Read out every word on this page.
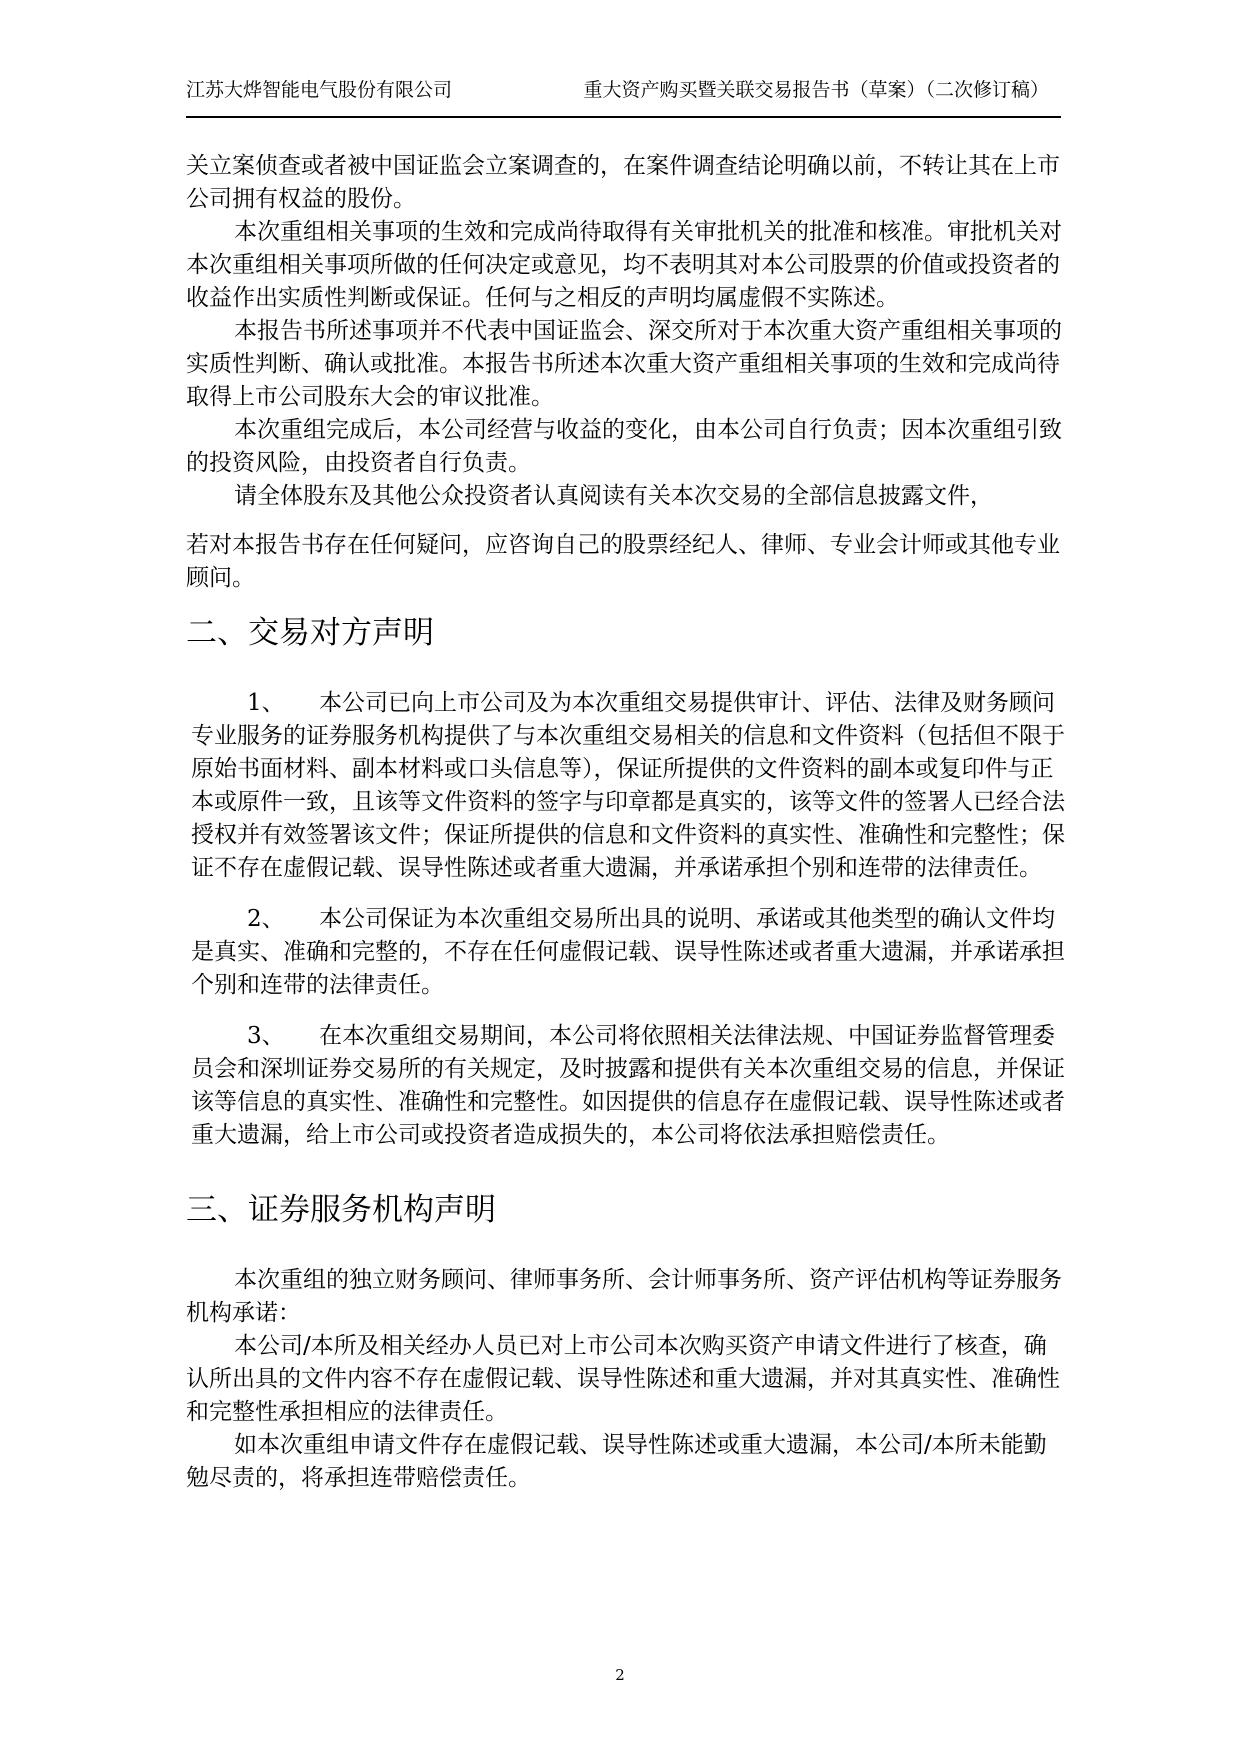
江苏大烨智能电气股份有限公司	重大资产购买暨关联交易报告书（草案）（二次修订稿）

关立案侦查或者被中国证监会立案调查的，在案件调查结论明确以前，不转让其在上市公司拥有权益的股份。

本次重组相关事项的生效和完成尚待取得有关审批机关的批准和核准。审批机关对本次重组相关事项所做的任何决定或意见，均不表明其对本公司股票的价值或投资者的收益作出实质性判断或保证。任何与之相反的声明均属虚假不实陈述。

本报告书所述事项并不代表中国证监会、深交所对于本次重大资产重组相关事项的实质性判断、确认或批准。本报告书所述本次重大资产重组相关事项的生效和完成尚待取得上市公司股东大会的审议批准。

本次重组完成后，本公司经营与收益的变化，由本公司自行负责；因本次重组引致的投资风险，由投资者自行负责。

请全体股东及其他公众投资者认真阅读有关本次交易的全部信息披露文件，

若对本报告书存在任何疑问，应咨询自己的股票经纪人、律师、专业会计师或其他专业顾问。

二、交易对方声明

1、 本公司已向上市公司及为本次重组交易提供审计、评估、法律及财务顾问专业服务的证券服务机构提供了与本次重组交易相关的信息和文件资料（包括但不限于原始书面材料、副本材料或口头信息等），保证所提供的文件资料的副本或复印件与正本或原件一致，且该等文件资料的签字与印章都是真实的，该等文件的签署人已经合法授权并有效签署该文件；保证所提供的信息和文件资料的真实性、准确性和完整性；保证不存在虚假记载、误导性陈述或者重大遗漏，并承诺承担个别和连带的法律责任。

2、 本公司保证为本次重组交易所出具的说明、承诺或其他类型的确认文件均是真实、准确和完整的，不存在任何虚假记载、误导性陈述或者重大遗漏，并承诺承担个别和连带的法律责任。

3、 在本次重组交易期间，本公司将依照相关法律法规、中国证券监督管理委员会和深圳证券交易所的有关规定，及时披露和提供有关本次重组交易的信息，并保证该等信息的真实性、准确性和完整性。如因提供的信息存在虚假记载、误导性陈述或者重大遗漏，给上市公司或投资者造成损失的，本公司将依法承担赔偿责任。

三、证券服务机构声明

本次重组的独立财务顾问、律师事务所、会计师事务所、资产评估机构等证券服务机构承诺：

本公司/本所及相关经办人员已对上市公司本次购买资产申请文件进行了核查，确认所出具的文件内容不存在虚假记载、误导性陈述和重大遗漏，并对其真实性、准确性和完整性承担相应的法律责任。

如本次重组申请文件存在虚假记载、误导性陈述或重大遗漏，本公司/本所未能勤勉尽责的，将承担连带赔偿责任。

2
